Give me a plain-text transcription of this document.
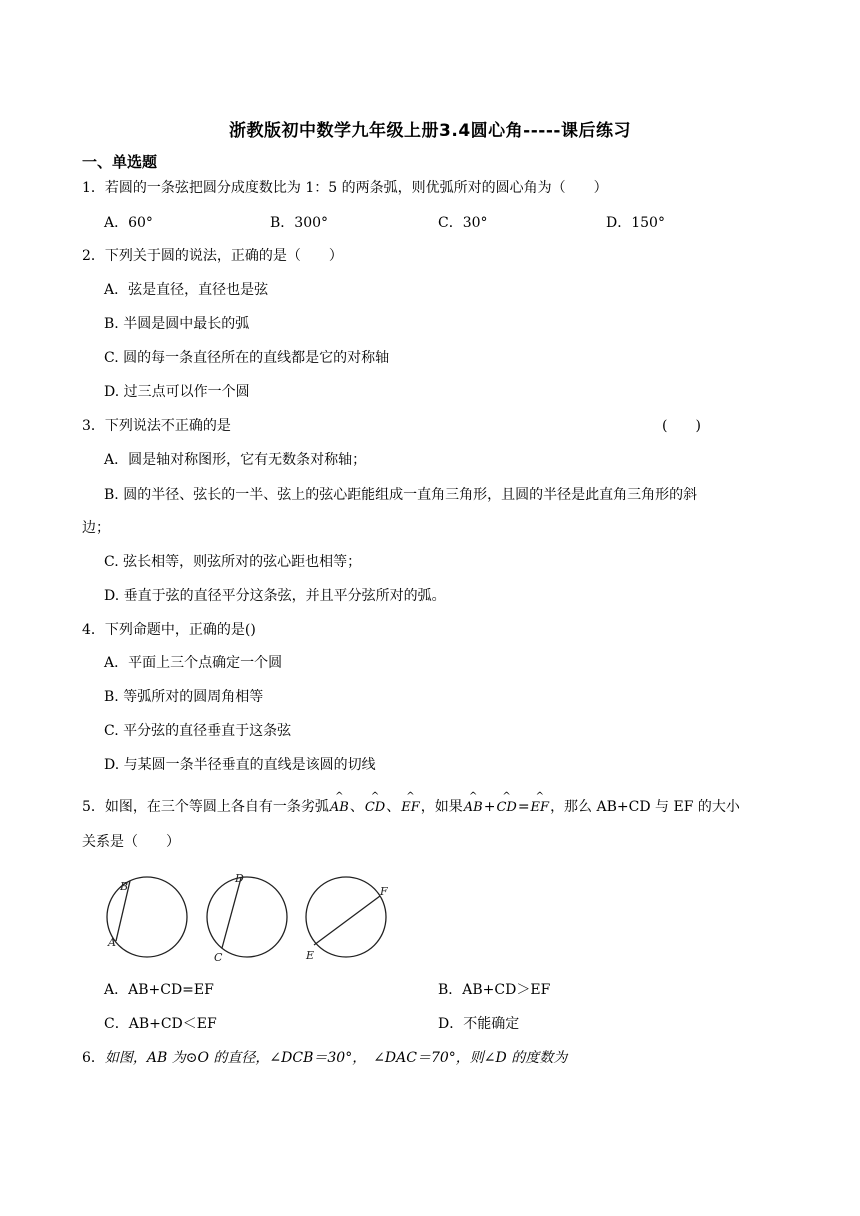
浙教版初中数学九年级上册3.4圆心角-----课后练习
一、单选题
1．若圆的一条弦把圆分成度数比为 1：5 的两条弧，则优弧所对的圆心角为（　　）
A．60°	B．300°	C．30°	D．150°
2．下列关于圆的说法，正确的是（　　）
A．弦是直径，直径也是弦
B. 半圆是圆中最长的弧
C. 圆的每一条直径所在的直线都是它的对称轴
D. 过三点可以作一个圆
3．下列说法不正确的是	(　　)
A．圆是轴对称图形，它有无数条对称轴；
B. 圆的半径、弦长的一半、弦上的弦心距能组成一直角三角形，且圆的半径是此直角三角形的斜
边；
C. 弦长相等，则弦所对的弦心距也相等；
D. 垂直于弦的直径平分这条弦，并且平分弦所对的弧。
4．下列命题中，正确的是()
A．平面上三个点确定一个圆
B. 等弧所对的圆周角相等
C. 平分弦的直径垂直于这条弦
D. 与某圆一条半径垂直的直线是该圆的切线
5．如图，在三个等圆上各自有一条劣弧
^
AB、
^
CD、
^
EF，如果
^
AB+
^
CD=
^
EF，那么 AB+CD 与 EF 的大小
关系是（　　）
B
A
D
C
F
E
A．AB+CD=EF	B．AB+CD＞EF
C．AB+CD＜EF	D．不能确定
6．如图，AB 为⊙O 的直径，∠DCB＝30°，　∠DAC＝70°，则∠D 的度数为
